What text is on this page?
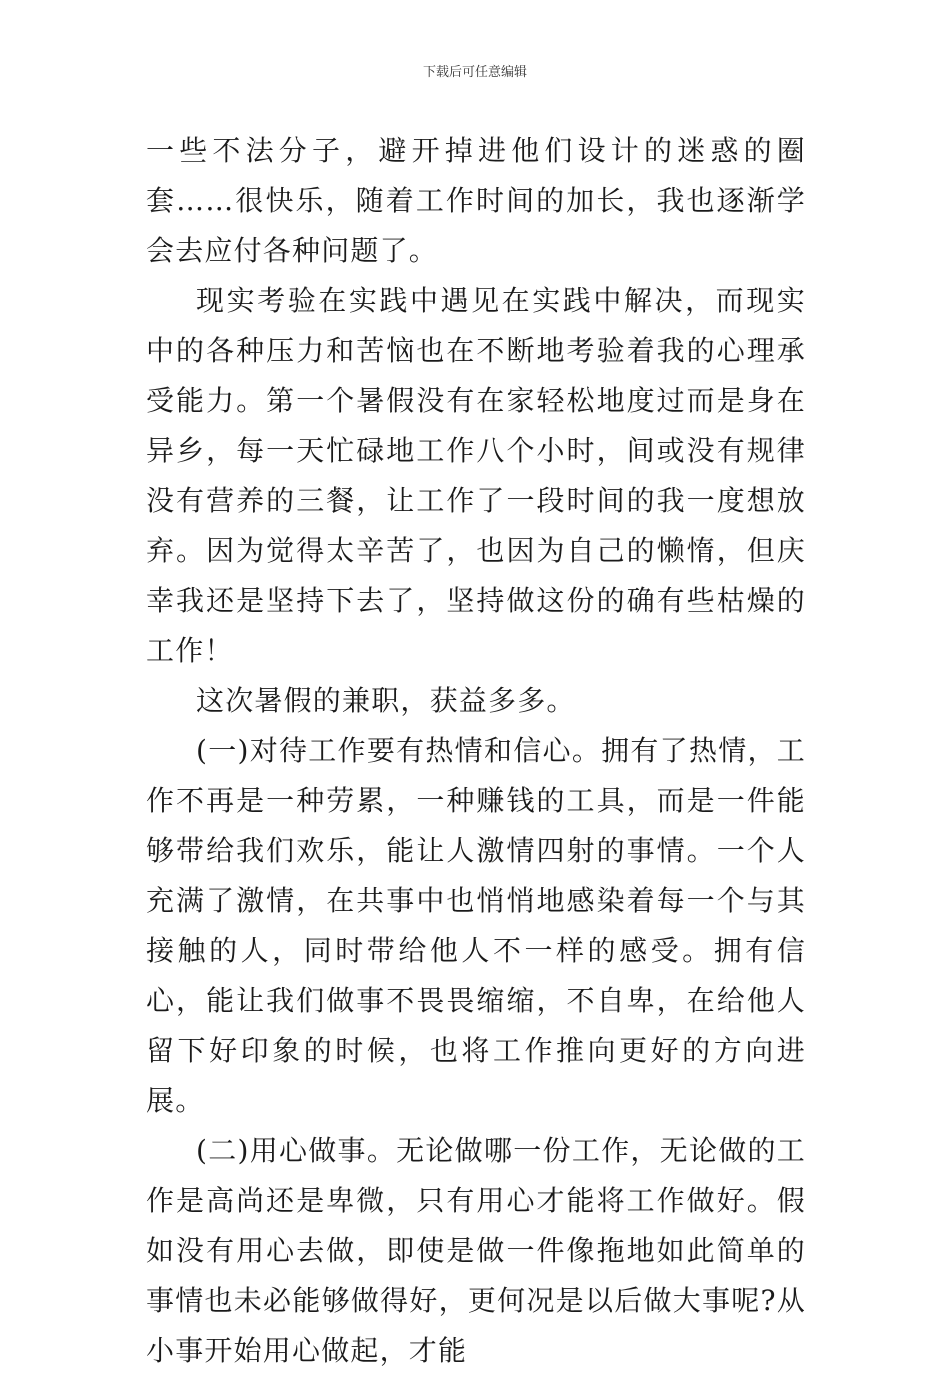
下载后可任意编辑

一些不法分子，避开掉进他们设计的迷惑的圈套……很快乐，随着工作时间的加长，我也逐渐学会去应付各种问题了。

现实考验在实践中遇见在实践中解决，而现实中的各种压力和苦恼也在不断地考验着我的心理承受能力。第一个暑假没有在家轻松地度过而是身在异乡，每一天忙碌地工作八个小时，间或没有规律没有营养的三餐，让工作了一段时间的我一度想放弃。因为觉得太辛苦了，也因为自己的懒惰，但庆幸我还是坚持下去了，坚持做这份的确有些枯燥的工作！

这次暑假的兼职，获益多多。

(一)对待工作要有热情和信心。拥有了热情，工作不再是一种劳累，一种赚钱的工具，而是一件能够带给我们欢乐，能让人激情四射的事情。一个人充满了激情，在共事中也悄悄地感染着每一个与其接触的人，同时带给他人不一样的感受。拥有信心，能让我们做事不畏畏缩缩，不自卑，在给他人留下好印象的时候，也将工作推向更好的方向进展。

(二)用心做事。无论做哪一份工作，无论做的工作是高尚还是卑微，只有用心才能将工作做好。假如没有用心去做，即使是做一件像拖地如此简单的事情也未必能够做得好，更何况是以后做大事呢?从小事开始用心做起，才能
